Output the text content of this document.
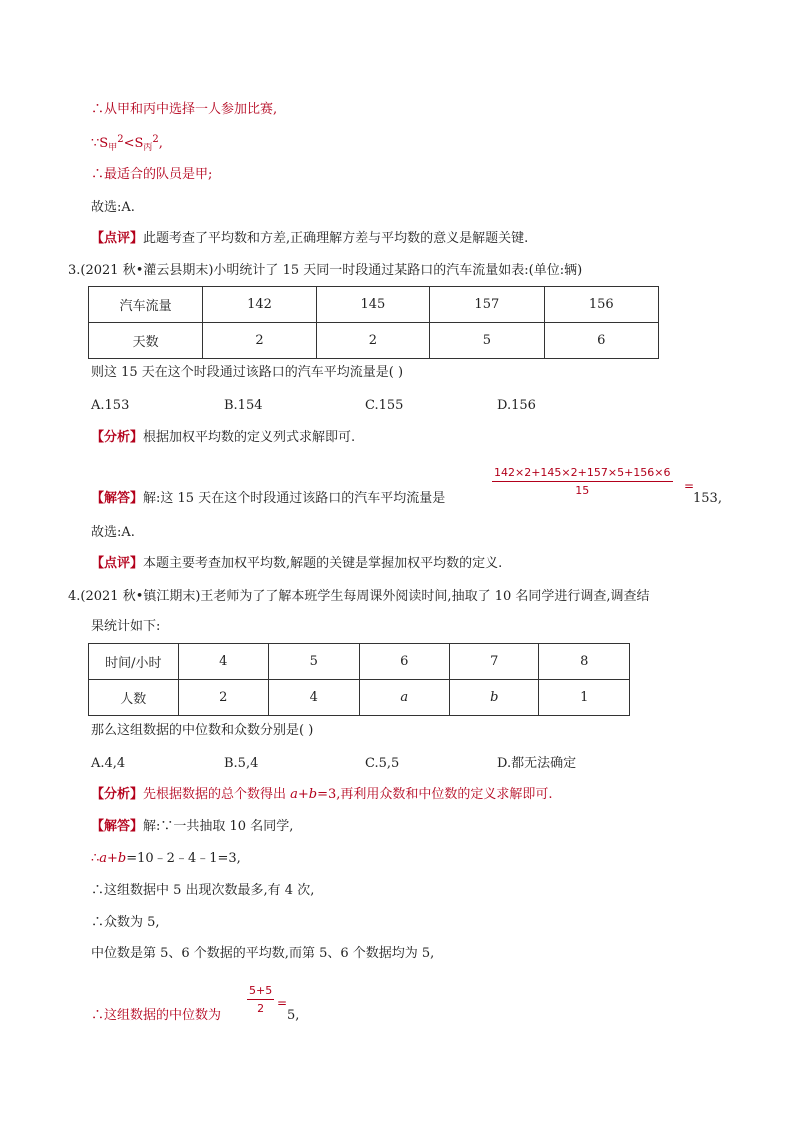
∴从甲和丙中选择一人参加比赛,
$\because S_甲^2<S_丙^2$,
∴最适合的队员是甲;
故选:A.
【点评】此题考查了平均数和方差,正确理解方差与平均数的意义是解题关键.
3.(2021 秋•灌云县期末)小明统计了 15 天同一时段通过某路口的汽车流量如表:(单位:辆)
汽车流量	142	145	157	156
天数	2	2	5	6
则这 15 天在这个时段通过该路口的汽车平均流量是( )
A.153	B.154	C.155	D.156
【分析】根据加权平均数的定义列式求解即可.
【解答】解:这 15 天在这个时段通过该路口的汽车平均流量是
$\frac{142\times 2+145\times 2+157\times 5+156\times 6}{15}$ =
153,
故选:A.
【点评】本题主要考查加权平均数,解题的关键是掌握加权平均数的定义.
4.(2021 秋•镇江期末)王老师为了了解本班学生每周课外阅读时间,抽取了 10 名同学进行调查,调查结
果统计如下:
时间/小时	4	5	6	7	8
人数	2	4	a	b	1
那么这组数据的中位数和众数分别是( )
A.4,4	B.5,4	C.5,5	D.都无法确定
【分析】先根据数据的总个数得出 a+b=3,再利用众数和中位数的定义求解即可.
【解答】解:∵一共抽取 10 名同学,
∴a+b=10﹣2﹣4﹣1=3,
∴这组数据中 5 出现次数最多,有 4 次,
∴众数为 5,
中位数是第 5、6 个数据的平均数,而第 5、6 个数据均为 5,
∴这组数据的中位数为
$\frac{5+5}{2}$ =
5,
